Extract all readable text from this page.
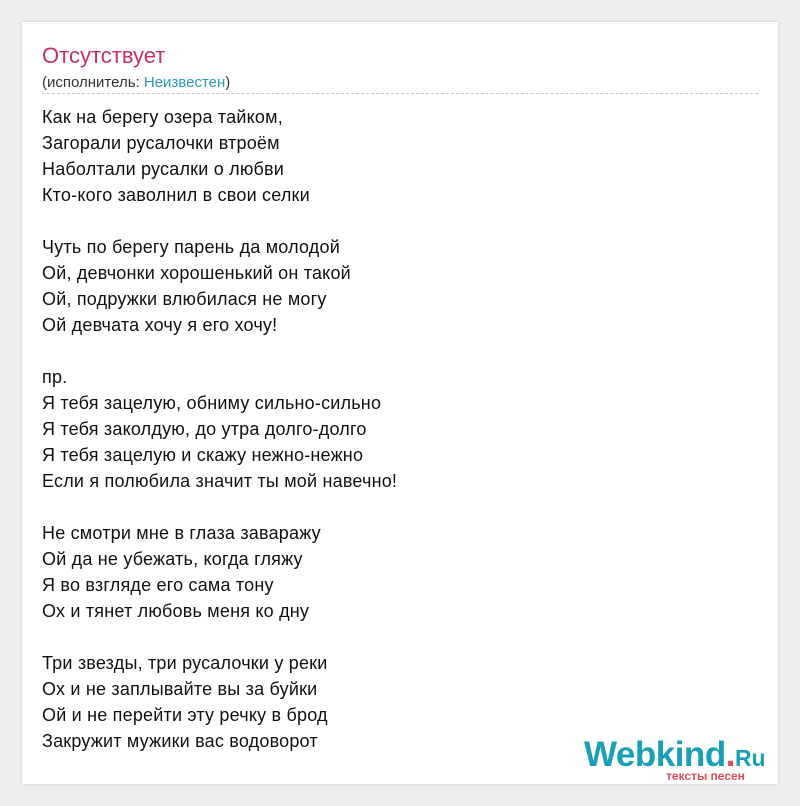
Отсутствует
(исполнитель: Неизвестен)
Как на берегу озера тайком,
Загорали русалочки втроём
Наболтали русалки о любви
Кто-кого заволнил в свои селки
Чуть по берегу парень да молодой
Ой, девчонки хорошенький он такой
Ой, подружки влюбилася не могу
Ой девчата хочу я его хочу!
пр.
Я тебя зацелую, обниму сильно-сильно
Я тебя заколдую, до утра долго-долго
Я тебя зацелую и скажу нежно-нежно
Если я полюбила значит ты мой навечно!
Не смотри мне в глаза заваражу
Ой да не убежать, когда гляжу
Я во взгляде его сама тону
Ох и тянет любовь меня ко дну
Три звезды, три русалочки у реки
Ох и не заплывайте вы за буйки
Ой и не перейти эту речку в брод
Закружит мужики вас водоворот	Webkind.Ru
тексты песен
